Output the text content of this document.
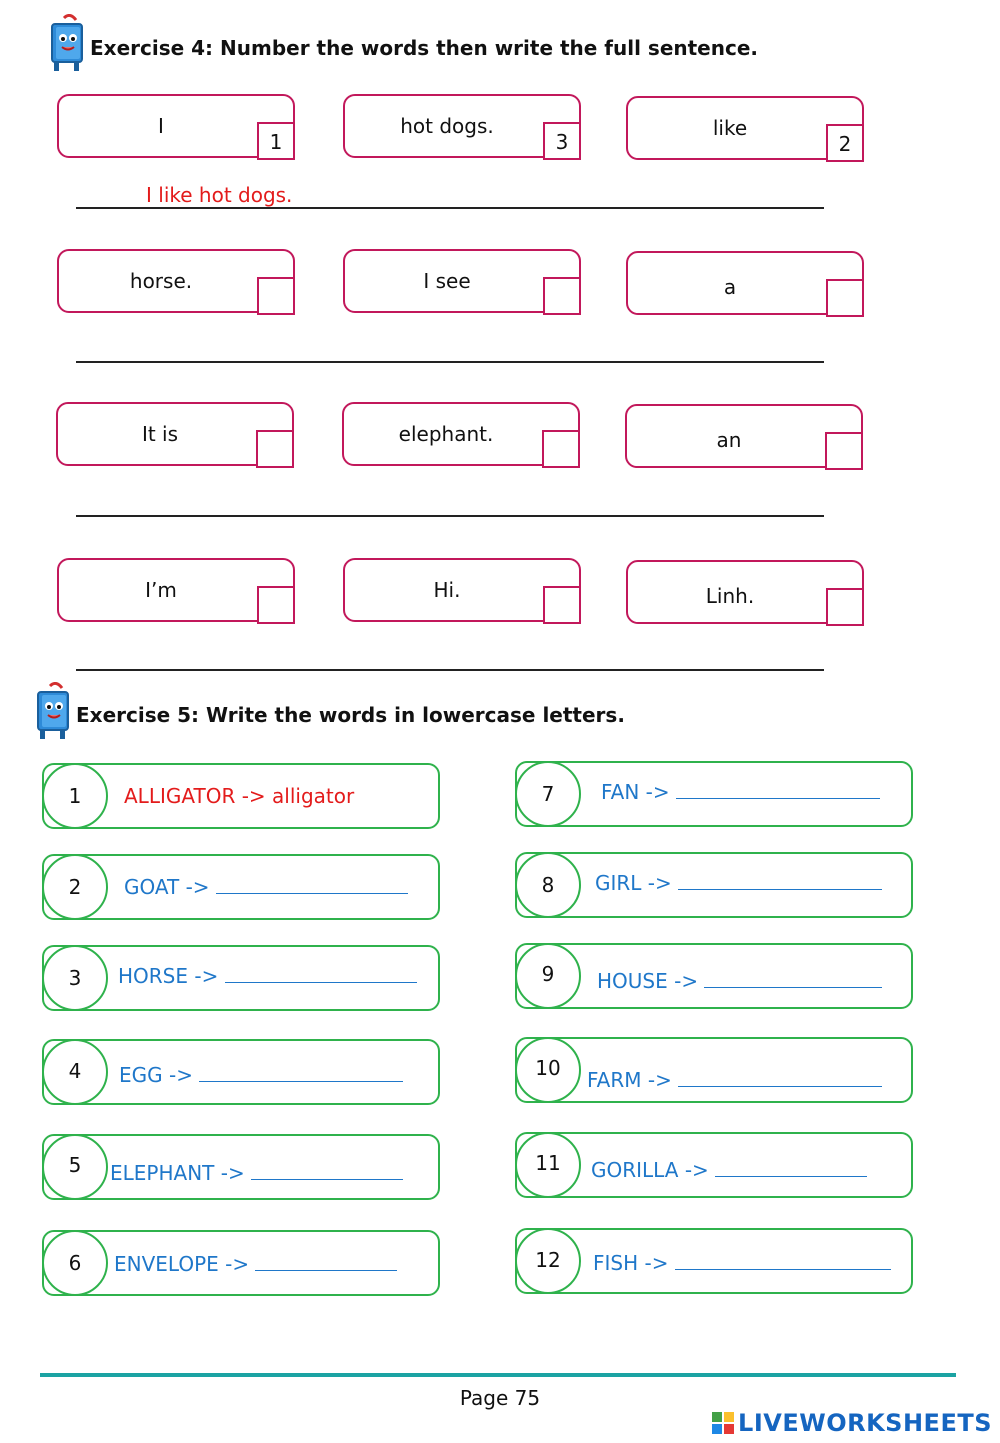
Exercise 4: Number the words then write the full sentence.
I
1
hot dogs.
3
like
2
I like hot dogs.
horse.	I see	a
It is	elephant.	an
I’m	Hi.	Linh.
Exercise 5: Write the words in lowercase letters.
1	ALLIGATOR -> alligator
2	GOAT ->
3	HORSE ->
4	EGG ->
5	ELEPHANT ->
6	ENVELOPE ->
7	FAN ->
8	GIRL ->
9	HOUSE ->
10	FARM ->
11	GORILLA ->
12	FISH ->
Page 75
LIVEWORKSHEETS
